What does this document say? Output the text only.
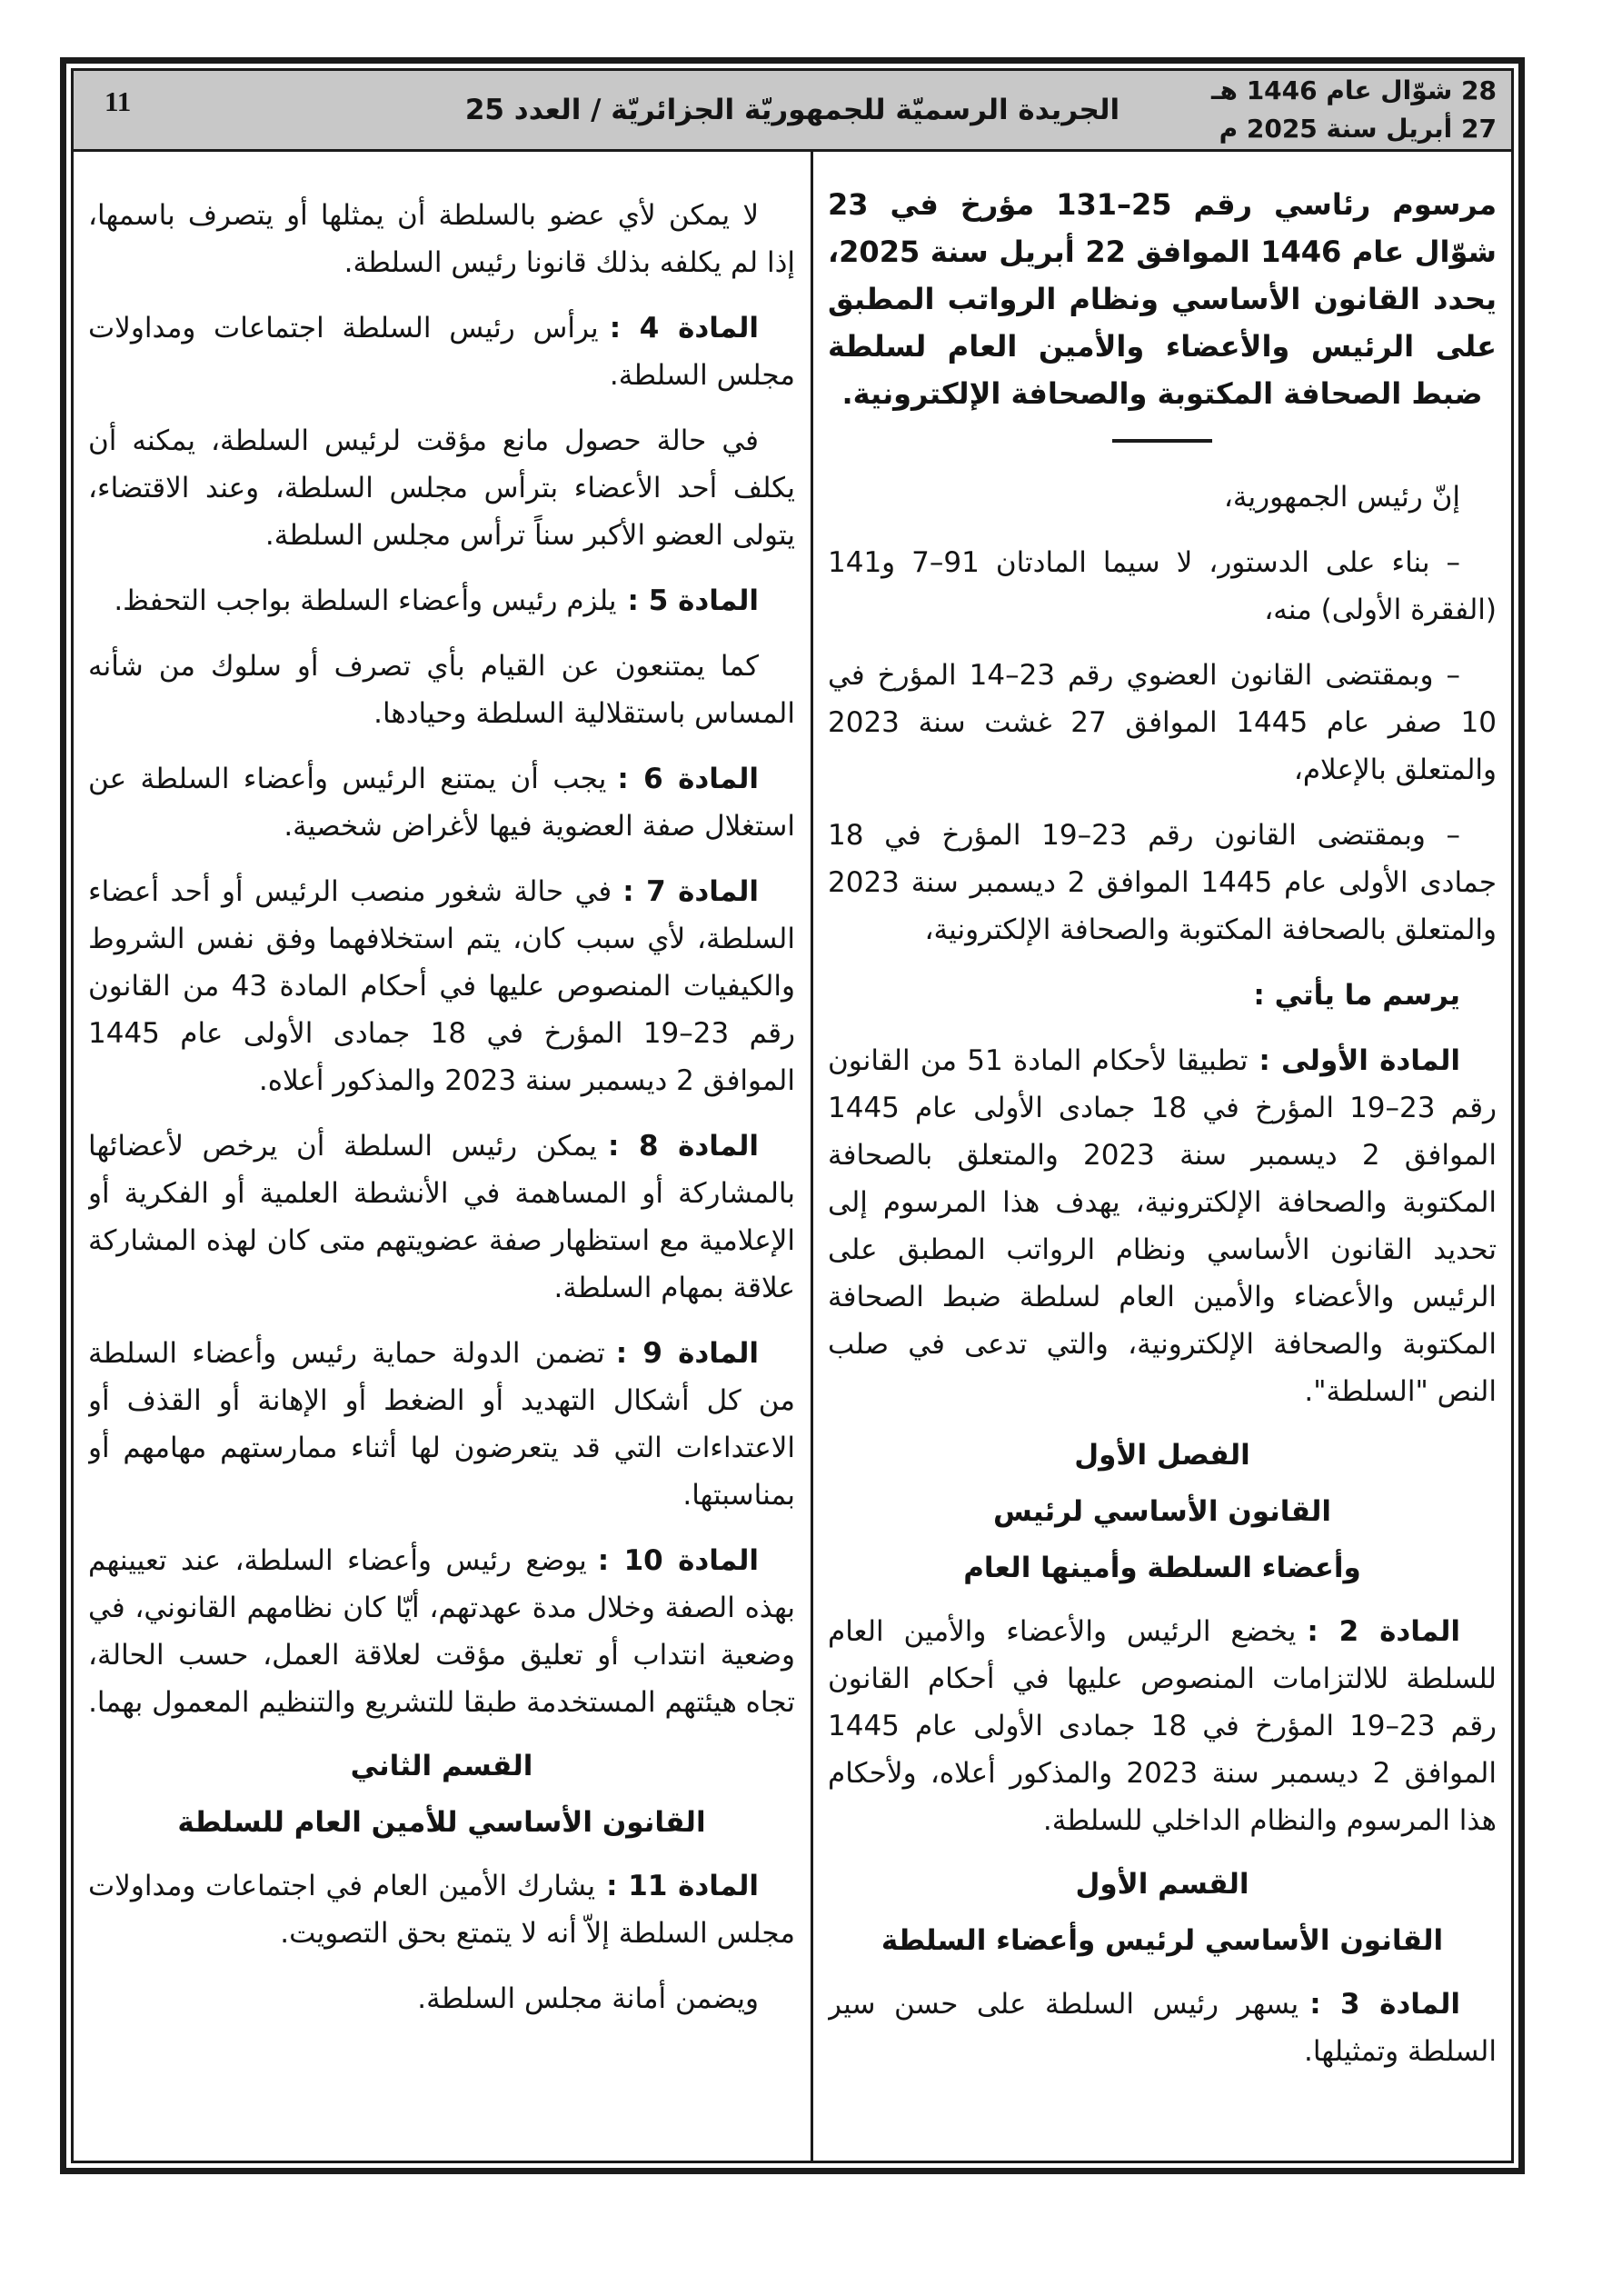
الجريدة الرسميّة للجمهوريّة الجزائريّة / العدد 25
11	28 شوّال عام 1446 هـ
27 أبريل سنة 2025 م

مرسوم رئاسي رقم 25–131 مؤرخ في 23 شوّال عام 1446 الموافق 22 أبريل سنة 2025، يحدد القانون الأساسي ونظام الرواتب المطبق على الرئيس والأعضاء والأمين العام لسلطة ضبط الصحافة المكتوبة والصحافة الإلكترونية.

إنّ رئيس الجمهورية،

– بناء على الدستور، لا سيما المادتان 91–7 و141 (الفقرة الأولى) منه،

– وبمقتضى القانون العضوي رقم 23–14 المؤرخ في 10 صفر عام 1445 الموافق 27 غشت سنة 2023 والمتعلق بالإعلام،

– وبمقتضى القانون رقم 23–19 المؤرخ في 18 جمادى الأولى عام 1445 الموافق 2 ديسمبر سنة 2023 والمتعلق بالصحافة المكتوبة والصحافة الإلكترونية،

يرسم ما يأتي :

المادة الأولى :تطبيقا لأحكام المادة 51 من القانون رقم 23–19 المؤرخ في 18 جمادى الأولى عام 1445 الموافق 2 ديسمبر سنة 2023 والمتعلق بالصحافة المكتوبة والصحافة الإلكترونية، يهدف هذا المرسوم إلى تحديد القانون الأساسي ونظام الرواتب المطبق على الرئيس والأعضاء والأمين العام لسلطة ضبط الصحافة المكتوبة والصحافة الإلكترونية، والتي تدعى في صلب النص "السلطة".

الفصل الأول

القانون الأساسي لرئيس

وأعضاء السلطة وأمينها العام

المادة 2 :يخضع الرئيس والأعضاء والأمين العام للسلطة للالتزامات المنصوص عليها في أحكام القانون رقم 23–19 المؤرخ في 18 جمادى الأولى عام 1445 الموافق 2 ديسمبر سنة 2023 والمذكور أعلاه، ولأحكام هذا المرسوم والنظام الداخلي للسلطة.

القسم الأول

القانون الأساسي لرئيس وأعضاء السلطة

المادة 3 :يسهر رئيس السلطة على حسن سير السلطة وتمثيلها.

لا يمكن لأي عضو بالسلطة أن يمثلها أو يتصرف باسمها، إذا لم يكلفه بذلك قانونا رئيس السلطة.

المادة 4 :يرأس رئيس السلطة اجتماعات ومداولات مجلس السلطة.

في حالة حصول مانع مؤقت لرئيس السلطة، يمكنه أن يكلف أحد الأعضاء بترأس مجلس السلطة، وعند الاقتضاء، يتولى العضو الأكبر سناً ترأس مجلس السلطة.

المادة 5 :يلزم رئيس وأعضاء السلطة بواجب التحفظ.

كما يمتنعون عن القيام بأي تصرف أو سلوك من شأنه المساس باستقلالية السلطة وحيادها.

المادة 6 :يجب أن يمتنع الرئيس وأعضاء السلطة عن استغلال صفة العضوية فيها لأغراض شخصية.

المادة 7 :في حالة شغور منصب الرئيس أو أحد أعضاء السلطة، لأي سبب كان، يتم استخلافهما وفق نفس الشروط والكيفيات المنصوص عليها في أحكام المادة 43 من القانون رقم 23–19 المؤرخ في 18 جمادى الأولى عام 1445 الموافق 2 ديسمبر سنة 2023 والمذكور أعلاه.

المادة 8 :يمكن رئيس السلطة أن يرخص لأعضائها بالمشاركة أو المساهمة في الأنشطة العلمية أو الفكرية أو الإعلامية مع استظهار صفة عضويتهم متى كان لهذه المشاركة علاقة بمهام السلطة.

المادة 9 :تضمن الدولة حماية رئيس وأعضاء السلطة من كل أشكال التهديد أو الضغط أو الإهانة أو القذف أو الاعتداءات التي قد يتعرضون لها أثناء ممارستهم مهامهم أو بمناسبتها.

المادة 10 :يوضع رئيس وأعضاء السلطة، عند تعيينهم بهذه الصفة وخلال مدة عهدتهم، أيّا كان نظامهم القانوني، في وضعية انتداب أو تعليق مؤقت لعلاقة العمل، حسب الحالة، تجاه هيئتهم المستخدمة طبقا للتشريع والتنظيم المعمول بهما.

القسم الثاني

القانون الأساسي للأمين العام للسلطة

المادة 11 :يشارك الأمين العام في اجتماعات ومداولات مجلس السلطة إلاّ أنه لا يتمتع بحق التصويت.

ويضمن أمانة مجلس السلطة.
